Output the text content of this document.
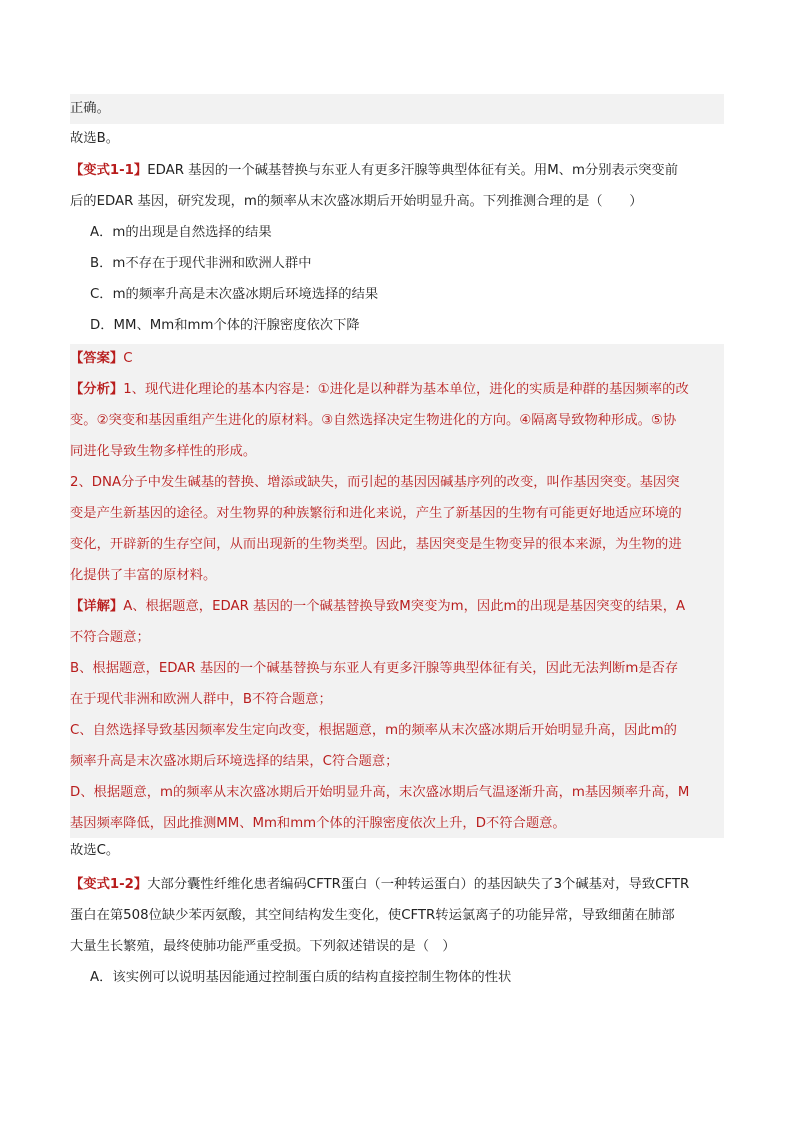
正确。
故选B。
【变式1-1】EDAR 基因的一个碱基替换与东亚人有更多汗腺等典型体征有关。用M、m分别表示突变前
后的EDAR 基因，研究发现，m的频率从末次盛冰期后开始明显升高。下列推测合理的是（　　）
A．m的出现是自然选择的结果
B．m不存在于现代非洲和欧洲人群中
C．m的频率升高是末次盛冰期后环境选择的结果
D．MM、Mm和mm个体的汗腺密度依次下降
【答案】C
【分析】1、现代进化理论的基本内容是：①进化是以种群为基本单位，进化的实质是种群的基因频率的改
变。②突变和基因重组产生进化的原材料。③自然选择决定生物进化的方向。④隔离导致物种形成。⑤协
同进化导致生物多样性的形成。
2、DNA分子中发生碱基的替换、增添或缺失，而引起的基因因碱基序列的改变，叫作基因突变。基因突
变是产生新基因的途径。对生物界的种族繁衍和进化来说，产生了新基因的生物有可能更好地适应环境的
变化，开辟新的生存空间，从而出现新的生物类型。因此，基因突变是生物变异的很本来源，为生物的进
化提供了丰富的原材料。
【详解】A、根据题意，EDAR 基因的一个碱基替换导致M突变为m，因此m的出现是基因突变的结果，A
不符合题意；
B、根据题意，EDAR 基因的一个碱基替换与东亚人有更多汗腺等典型体征有关，因此无法判断m是否存
在于现代非洲和欧洲人群中，B不符合题意；
C、自然选择导致基因频率发生定向改变，根据题意，m的频率从末次盛冰期后开始明显升高，因此m的
频率升高是末次盛冰期后环境选择的结果，C符合题意；
D、根据题意，m的频率从末次盛冰期后开始明显升高，末次盛冰期后气温逐渐升高，m基因频率升高，M
基因频率降低，因此推测MM、Mm和mm个体的汗腺密度依次上升，D不符合题意。
故选C。
【变式1-2】大部分囊性纤维化患者编码CFTR蛋白（一种转运蛋白）的基因缺失了3个碱基对，导致CFTR
蛋白在第508位缺少苯丙氨酸，其空间结构发生变化，使CFTR转运氯离子的功能异常，导致细菌在肺部
大量生长繁殖，最终使肺功能严重受损。下列叙述错误的是（　）
A．该实例可以说明基因能通过控制蛋白质的结构直接控制生物体的性状
